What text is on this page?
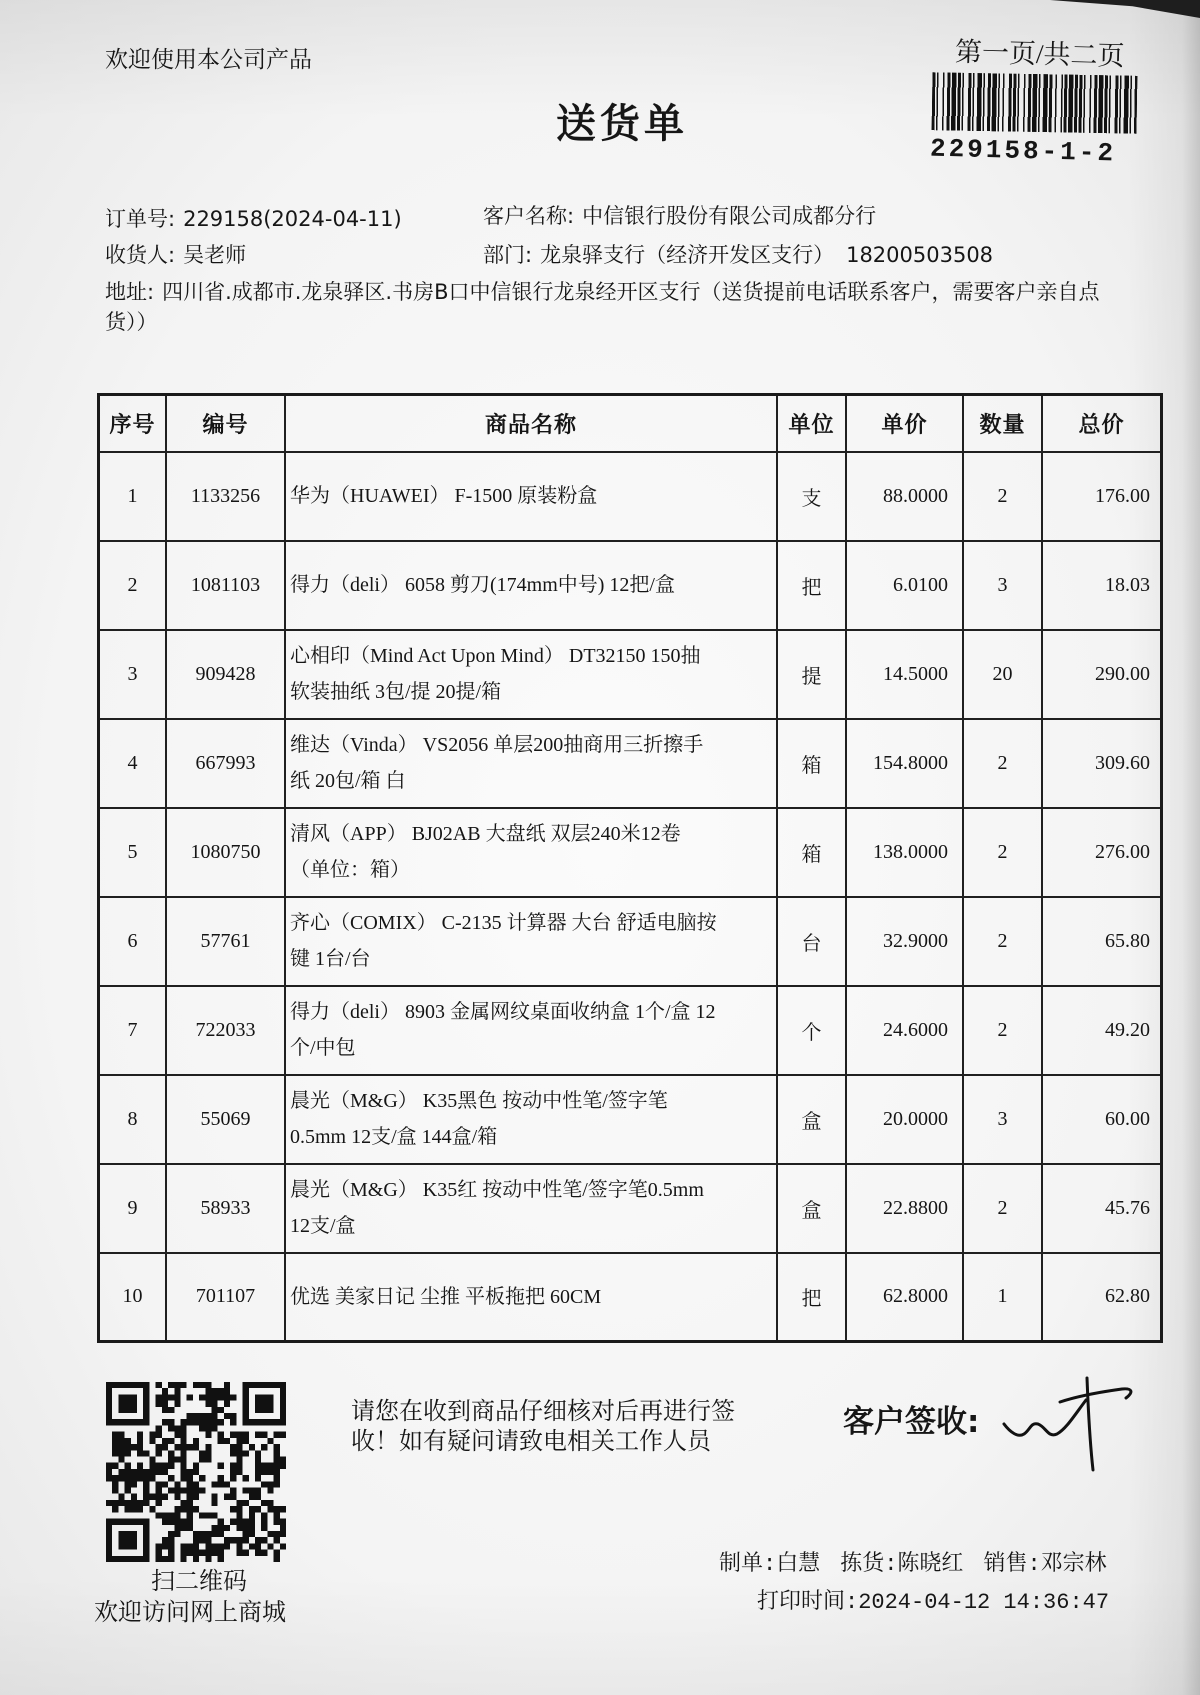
欢迎使用本公司产品	第一页/共二页
229158-1-2
送货单
订单号: 229158(2024-04-11)	客户名称: 中信银行股份有限公司成都分行
收货人: 吴老师	部门: 龙泉驿支行（经济开发区支行） 18200503508
地址: 四川省.成都市.龙泉驿区.书房B口中信银行龙泉经开区支行（送货提前电话联系客户，需要客户亲自点
货））
序号	编号	商品名称	单位	单价	数量	总价
1	1133256	华为（HUAWEI） F-1500 原装粉盒	支	88.0000	2	176.00
2	1081103	得力（deli） 6058 剪刀(174mm中号) 12把/盒	把	6.0100	3	18.03
3	909428	心相印（Mind Act Upon Mind） DT32150 150抽
软装抽纸 3包/提 20提/箱	提	14.5000	20	290.00
4	667993	维达（Vinda） VS2056 单层200抽商用三折擦手
纸 20包/箱 白	箱	154.8000	2	309.60
5	1080750	清风（APP） BJ02AB 大盘纸 双层240米12卷
（单位：箱）	箱	138.0000	2	276.00
6	57761	齐心（COMIX） C-2135 计算器 大台 舒适电脑按
键 1台/台	台	32.9000	2	65.80
7	722033	得力（deli） 8903 金属网纹桌面收纳盒 1个/盒 12
个/中包	个	24.6000	2	49.20
8	55069	晨光（M&G） K35黑色 按动中性笔/签字笔
0.5mm 12支/盒 144盒/箱	盒	20.0000	3	60.00
9	58933	晨光（M&G） K35红 按动中性笔/签字笔0.5mm
12支/盒	盒	22.8800	2	45.76
10	701107	优选 美家日记 尘推 平板拖把 60CM	把	62.8000	1	62.80
扫二维码
欢迎访问网上商城
请您在收到商品仔细核对后再进行签
收！如有疑问请致电相关工作人员
客户签收:
制单:白慧 拣货:陈晓红 销售:邓宗林
打印时间:2024-04-12 14:36:47
